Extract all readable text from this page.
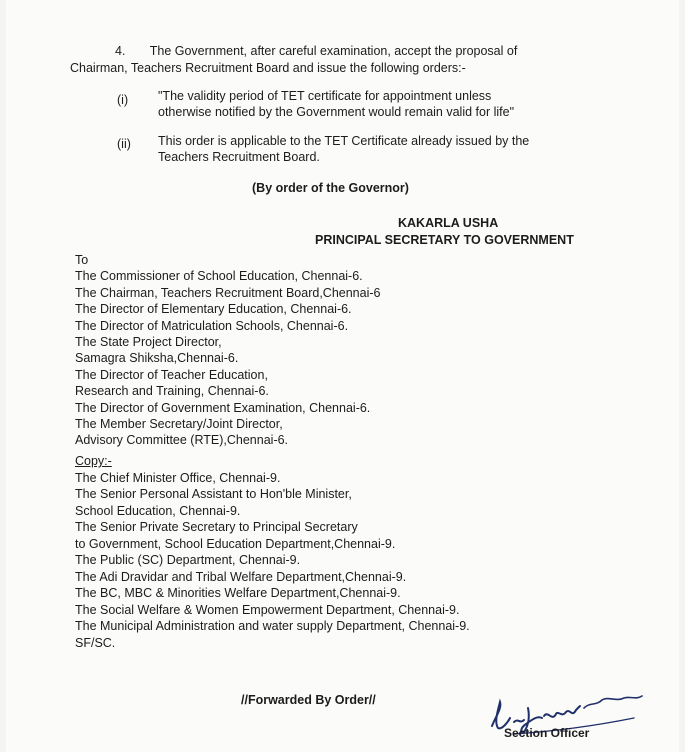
4. The Government, after careful examination, accept the proposal of
Chairman, Teachers Recruitment Board and issue the following orders:-
(i) "The validity period of TET certificate for appointment unless
otherwise notified by the Government would remain valid for life"
(ii) This order is applicable to the TET Certificate already issued by the
Teachers Recruitment Board.
(By order of the Governor)
KAKARLA USHA
PRINCIPAL SECRETARY TO GOVERNMENT
To
The Commissioner of School Education, Chennai-6.
The Chairman, Teachers Recruitment Board,Chennai-6
The Director of Elementary Education, Chennai-6.
The Director of Matriculation Schools, Chennai-6.
The State Project Director,
Samagra Shiksha,Chennai-6.
The Director of Teacher Education,
Research and Training, Chennai-6.
The Director of Government Examination, Chennai-6.
The Member Secretary/Joint Director,
Advisory Committee (RTE),Chennai-6.
Copy:-
The Chief Minister Office, Chennai-9.
The Senior Personal Assistant to Hon'ble Minister,
School Education, Chennai-9.
The Senior Private Secretary to Principal Secretary
to Government, School Education Department,Chennai-9.
The Public (SC) Department, Chennai-9.
The Adi Dravidar and Tribal Welfare Department,Chennai-9.
The BC, MBC & Minorities Welfare Department,Chennai-9.
The Social Welfare & Women Empowerment Department, Chennai-9.
The Municipal Administration and water supply Department, Chennai-9.
SF/SC.
//Forwarded By Order//
Section Officer
